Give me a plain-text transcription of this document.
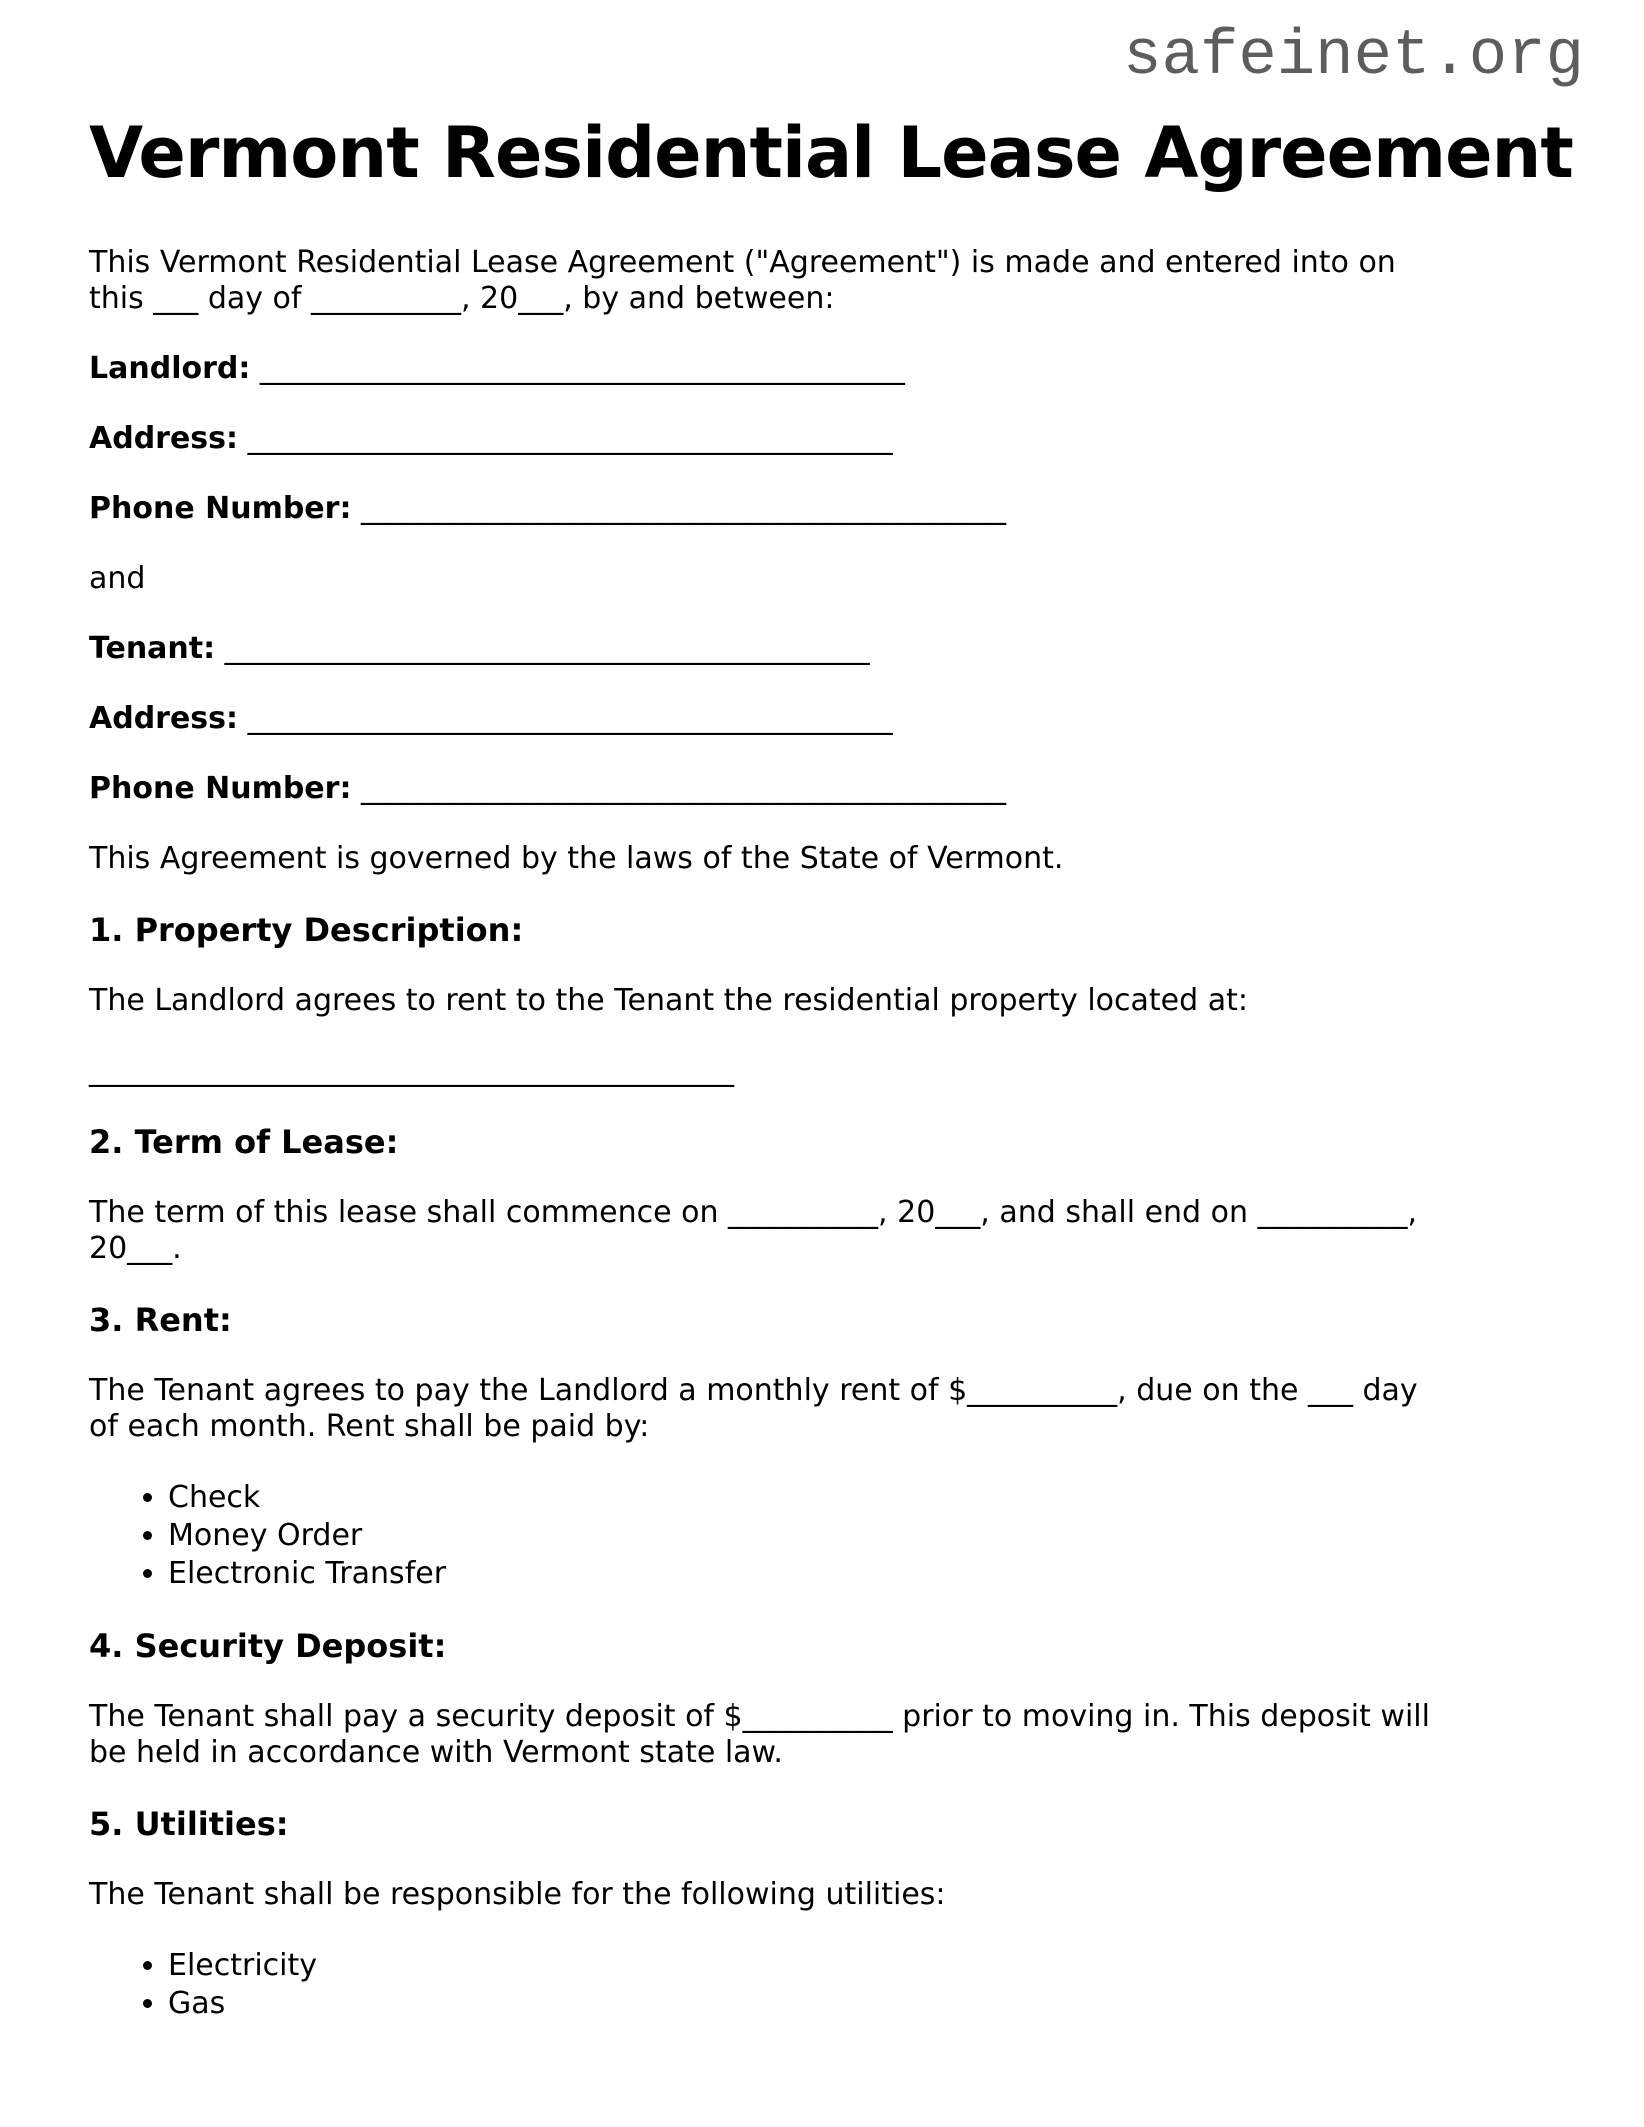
safeinet.org
Vermont Residential Lease Agreement

This Vermont Residential Lease Agreement ("Agreement") is made and entered into on
this ___ day of __________, 20___, by and between:

Landlord: ___________________________________________

Address: ___________________________________________

Phone Number: ___________________________________________

and

Tenant: ___________________________________________

Address: ___________________________________________

Phone Number: ___________________________________________

This Agreement is governed by the laws of the State of Vermont.

1. Property Description:

The Landlord agrees to rent to the Tenant the residential property located at:

___________________________________________

2. Term of Lease:

The term of this lease shall commence on __________, 20___, and shall end on __________,
20___.

3. Rent:

The Tenant agrees to pay the Landlord a monthly rent of $__________, due on the ___ day
of each month. Rent shall be paid by:

• Check
• Money Order
• Electronic Transfer

4. Security Deposit:

The Tenant shall pay a security deposit of $__________ prior to moving in. This deposit will
be held in accordance with Vermont state law.

5. Utilities:

The Tenant shall be responsible for the following utilities:

• Electricity
• Gas
